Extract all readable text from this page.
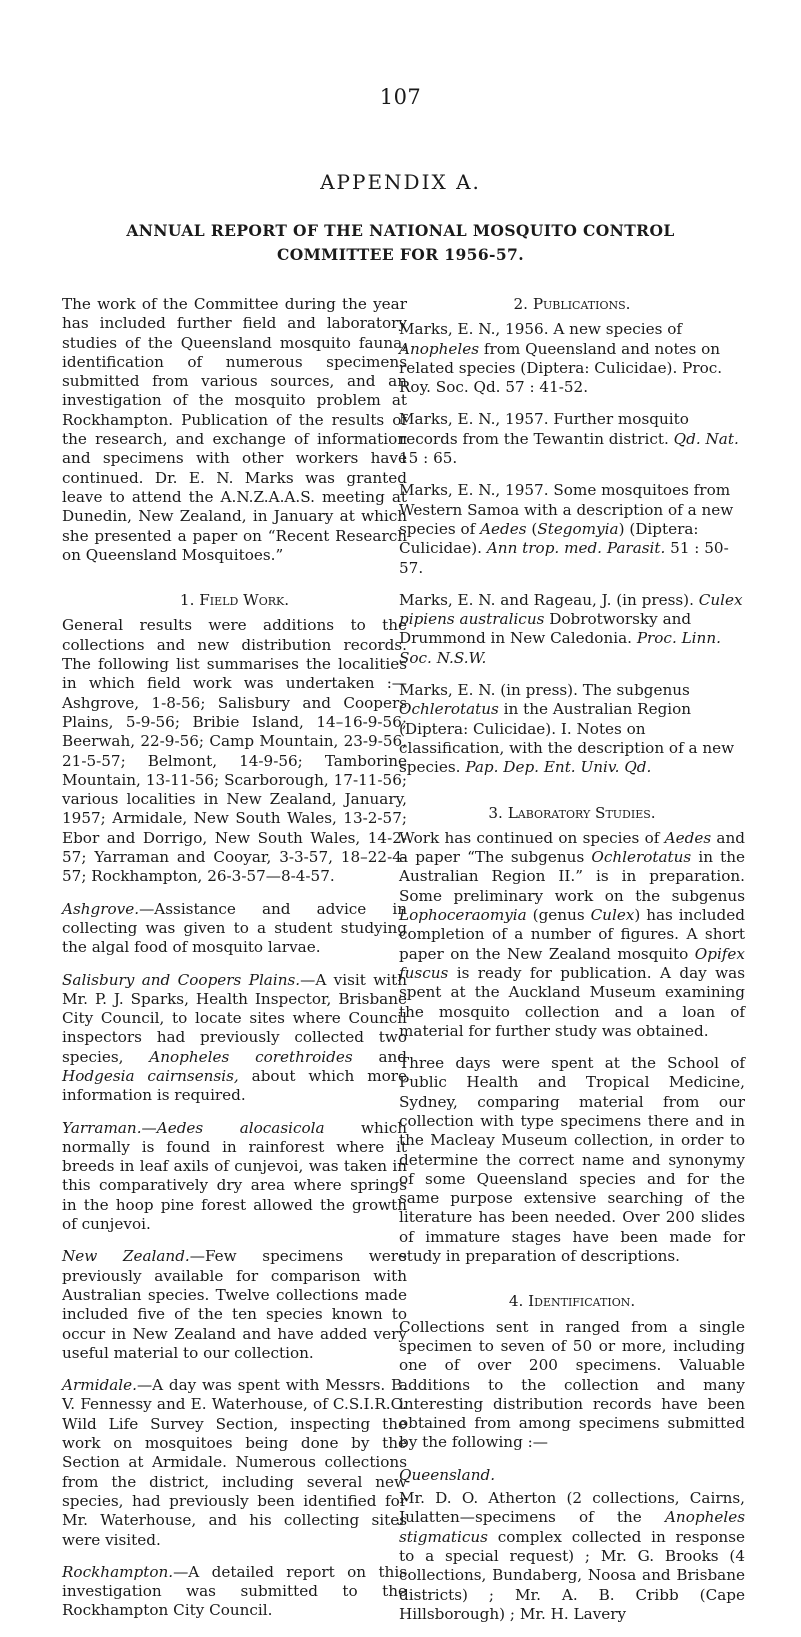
107
APPENDIX A.
ANNUAL REPORT OF THE NATIONAL MOSQUITO CONTROL
COMMITTEE FOR 1956-57.

The work of the Committee during the year has included further field and laboratory studies of the Queensland mosquito fauna, identification of numerous specimens submitted from various sources, and an investigation of the mosquito problem at Rockhampton. Publication of the results of the research, and exchange of information and specimens with other workers have continued. Dr. E. N. Marks was granted leave to attend the A.N.Z.A.A.S. meeting at Dunedin, New Zealand, in January at which she presented a paper on “Recent Research on Queensland Mosquitoes.”

1. Field Work.

General results were additions to the collections and new distribution records. The following list summarises the localities in which field work was undertaken :—Ashgrove, 1-8-56; Salisbury and Coopers Plains, 5-9-56; Bribie Island, 14–16-9-56; Beerwah, 22-9-56; Camp Mountain, 23-9-56, 21-5-57; Belmont, 14-9-56; Tamborine Mountain, 13-11-56; Scarborough, 17-11-56; various localities in New Zealand, January, 1957; Armidale, New South Wales, 13-2-57; Ebor and Dorrigo, New South Wales, 14-2-57; Yarraman and Cooyar, 3-3-57, 18–22-4-57; Rockhampton, 26-3-57—8-4-57.

Ashgrove.—Assistance and advice in collecting was given to a student studying the algal food of mosquito larvae.

Salisbury and Coopers Plains.—A visit with Mr. P. J. Sparks, Health Inspector, Brisbane City Council, to locate sites where Council inspectors had previously collected two species, Anopheles corethroides and Hodgesia cairnsensis, about which more information is required.

Yarraman.—Aedes alocasicola which normally is found in rainforest where it breeds in leaf axils of cunjevoi, was taken in this comparatively dry area where springs in the hoop pine forest allowed the growth of cunjevoi.

New Zealand.—Few specimens were previously available for comparison with Australian species. Twelve collections made included five of the ten species known to occur in New Zealand and have added very useful material to our collection.

Armidale.—A day was spent with Messrs. B. V. Fennessy and E. Waterhouse, of C.S.I.R.O. Wild Life Survey Section, inspecting the work on mosquitoes being done by the Section at Armidale. Numerous collections from the district, including several new species, had previously been identified for Mr. Waterhouse, and his collecting sites were visited.

Rockhampton.—A detailed report on this investigation was submitted to the Rockhampton City Council.

2. Publications.

Marks, E. N., 1956. A new species of Anopheles from Queensland and notes on related species (Diptera: Culicidae). Proc. Roy. Soc. Qd. 57 : 41-52.

Marks, E. N., 1957. Further mosquito records from the Tewantin district. Qd. Nat. 15 : 65.

Marks, E. N., 1957. Some mosquitoes from Western Samoa with a description of a new species of Aedes (Stegomyia) (Diptera: Culicidae). Ann trop. med. Parasit. 51 : 50-57.

Marks, E. N. and Rageau, J. (in press). Culex pipiens australicus Dobrotworsky and Drummond in New Caledonia. Proc. Linn. Soc. N.S.W.

Marks, E. N. (in press). The subgenus Ochlerotatus in the Australian Region (Diptera: Culicidae). I. Notes on classification, with the description of a new species. Pap. Dep. Ent. Univ. Qd.

3. Laboratory Studies.

Work has continued on species of Aedes and a paper “The subgenus Ochlerotatus in the Australian Region II.” is in preparation. Some preliminary work on the subgenus Lophoceraomyia (genus Culex) has included completion of a number of figures. A short paper on the New Zealand mosquito Opifex fuscus is ready for publication. A day was spent at the Auckland Museum examining the mosquito collection and a loan of material for further study was obtained.

Three days were spent at the School of Public Health and Tropical Medicine, Sydney, comparing material from our collection with type specimens there and in the Macleay Museum collection, in order to determine the correct name and synonymy of some Queensland species and for the same purpose extensive searching of the literature has been needed. Over 200 slides of immature stages have been made for study in preparation of descriptions.

4. Identification.

Collections sent in ranged from a single specimen to seven of 50 or more, including one of over 200 specimens. Valuable additions to the collection and many interesting distribution records have been obtained from among specimens submitted by the following :—

Queensland.

Mr. D. O. Atherton (2 collections, Cairns, Julatten—specimens of the Anopheles stigmaticus complex collected in response to a special request) ; Mr. G. Brooks (4 collections, Bundaberg, Noosa and Brisbane districts) ; Mr. A. B. Cribb (Cape Hillsborough) ; Mr. H. Lavery
